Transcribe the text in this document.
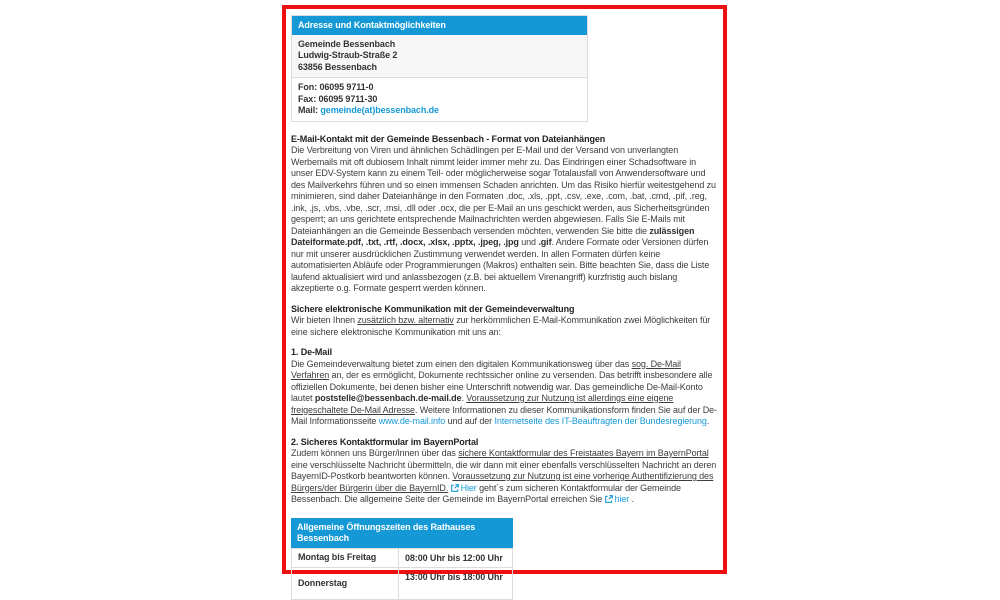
Adresse und Kontaktmöglichkeiten
Gemeinde Bessenbach
Ludwig-Straub-Straße 2
63856 Bessenbach
Fon: 06095 9711-0
Fax: 06095 9711-30
Mail: gemeinde(at)bessenbach.de
E-Mail-Kontakt mit der Gemeinde Bessenbach - Format von Dateianhängen
Die Verbreitung von Viren und ähnlichen Schädlingen per E-Mail und der Versand von unverlangten Werbemails mit oft dubiosem Inhalt nimmt leider immer mehr zu. Das Eindringen einer Schadsoftware in unser EDV-System kann zu einem Teil- oder möglicherweise sogar Totalausfall von Anwendersoftware und des Mailverkehrs führen und so einen immensen Schaden anrichten. Um das Risiko hierfür weitestgehend zu minimieren, sind daher Dateianhänge in den Formaten .doc, .xls, .ppt, .csv, .exe, .com, .bat, .cmd, .pif, .reg, .ink, .js, .vbs, .vbe, .scr, .msi, .dll oder .ocx, die per E-Mail an uns geschickt werden, aus Sicherheitsgründen gesperrt; an uns gerichtete entsprechende Mailnachrichten werden abgewiesen. Falls Sie E-Mails mit Dateianhängen an die Gemeinde Bessenbach versenden möchten, verwenden Sie bitte die zulässigen Dateiformate.pdf, .txt, .rtf, .docx, .xlsx, .pptx, .jpeg, .jpg und .gif. Andere Formate oder Versionen dürfen nur mit unserer ausdrücklichen Zustimmung verwendet werden. In allen Formaten dürfen keine automatisierten Abläufe oder Programmierungen (Makros) enthalten sein. Bitte beachten Sie, dass die Liste laufend aktualisiert wird und anlassbezogen (z.B. bei aktuellem Virenangriff) kurzfristig auch bislang akzeptierte o.g. Formate gesperrt werden können.
Sichere elektronische Kommunikation mit der Gemeindeverwaltung
Wir bieten Ihnen zusätzlich bzw. alternativ zur herkömmlichen E-Mail-Kommunikation zwei Möglichkeiten für eine sichere elektronische Kommunikation mit uns an:
1. De-Mail
Die Gemeindeverwaltung bietet zum einen den digitalen Kommunikationsweg über das sog. De-Mail Verfahren an, der es ermöglicht, Dokumente rechtssicher online zu versenden. Das betrifft insbesondere alle offiziellen Dokumente, bei denen bisher eine Unterschrift notwendig war. Das gemeindliche De-Mail-Konto lautet poststelle@bessenbach.de-mail.de. Voraussetzung zur Nutzung ist allerdings eine eigene freigeschaltete De-Mail Adresse. Weitere Informationen zu dieser Kommunikationsform finden Sie auf der De-Mail Informationsseite www.de-mail.info und auf der Internetseite des IT-Beauftragten der Bundesregierung.
2. Sicheres Kontaktformular im BayernPortal
Zudem können uns Bürger/innen über das sichere Kontaktformular des Freistaates Bayern im BayernPortal eine verschlüsselte Nachricht übermitteln, die wir dann mit einer ebenfalls verschlüsselten Nachricht an deren BayernID-Postkorb beantworten können. Voraussetzung zur Nutzung ist eine vorherige Authentifizierung des Bürgers/der Bürgerin über die BayernID. Hier geht´s zum sicheren Kontaktformular der Gemeinde Bessenbach. Die allgemeine Seite der Gemeinde im BayernPortal erreichen Sie hier .
Allgemeine Öffnungszeiten des Rathauses Bessenbach
Montag bis Freitag	08:00 Uhr bis 12:00 Uhr
Donnerstag	13:00 Uhr bis 18:00 Uhr
